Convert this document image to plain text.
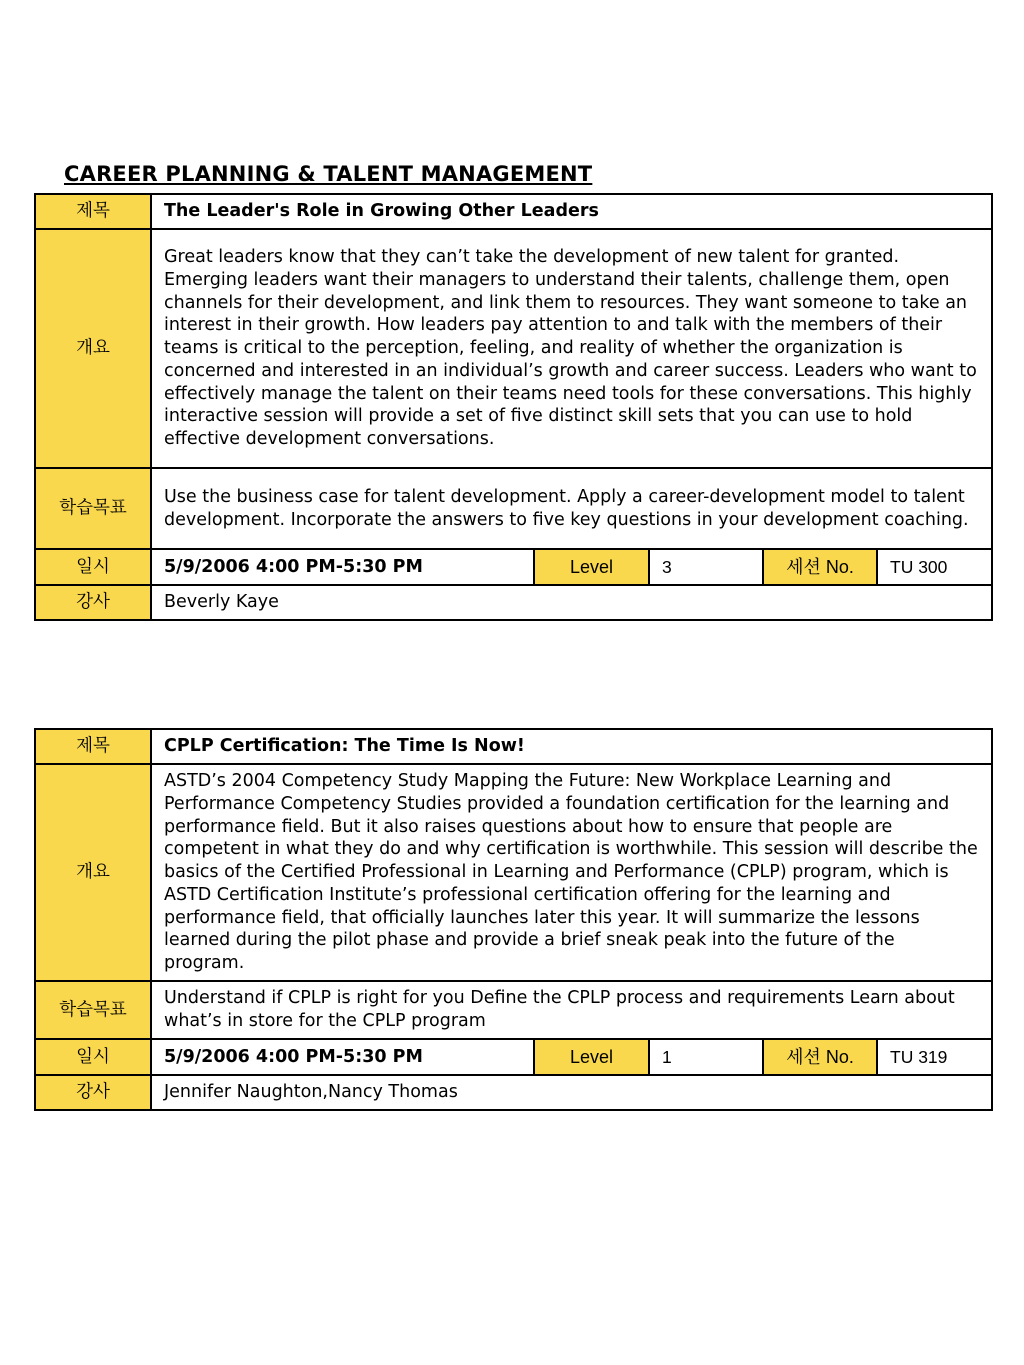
CAREER PLANNING & TALENT MANAGEMENT
제목	The Leader's Role in Growing Other Leaders				
개요	Great leaders know that they can’t take the development of new talent for granted. Emerging leaders want their managers to understand their talents, challenge them, open channels for their development, and link them to resources. They want someone to take an interest in their growth. How leaders pay attention to and talk with the members of their teams is critical to the perception, feeling, and reality of whether the organization is concerned and interested in an individual’s growth and career success. Leaders who want to effectively manage the talent on their teams need tools for these conversations. This highly interactive session will provide a set of five distinct skill sets that you can use to hold effective development conversations.				
학습목표	Use the business case for talent development. Apply a career-development model to talent development. Incorporate the answers to five key questions in your development coaching.				
일시	5/9/2006 4:00 PM-5:30 PM	Level	3	세션 No.	TU 300
강사	Beverly Kaye				
제목	CPLP Certification: The Time Is Now!				
개요	ASTD’s 2004 Competency Study Mapping the Future: New Workplace Learning and Performance Competency Studies provided a foundation certification for the learning and performance field. But it also raises questions about how to ensure that people are competent in what they do and why certification is worthwhile. This session will describe the basics of the Certified Professional in Learning and Performance (CPLP) program, which is ASTD Certification Institute’s professional certification offering for the learning and performance field, that officially launches later this year. It will summarize the lessons learned during the pilot phase and provide a brief sneak peak into the future of the program.				
학습목표	Understand if CPLP is right for you Define the CPLP process and requirements Learn about what’s in store for the CPLP program				
일시	5/9/2006 4:00 PM-5:30 PM	Level	1	세션 No.	TU 319
강사	Jennifer Naughton,Nancy Thomas				
